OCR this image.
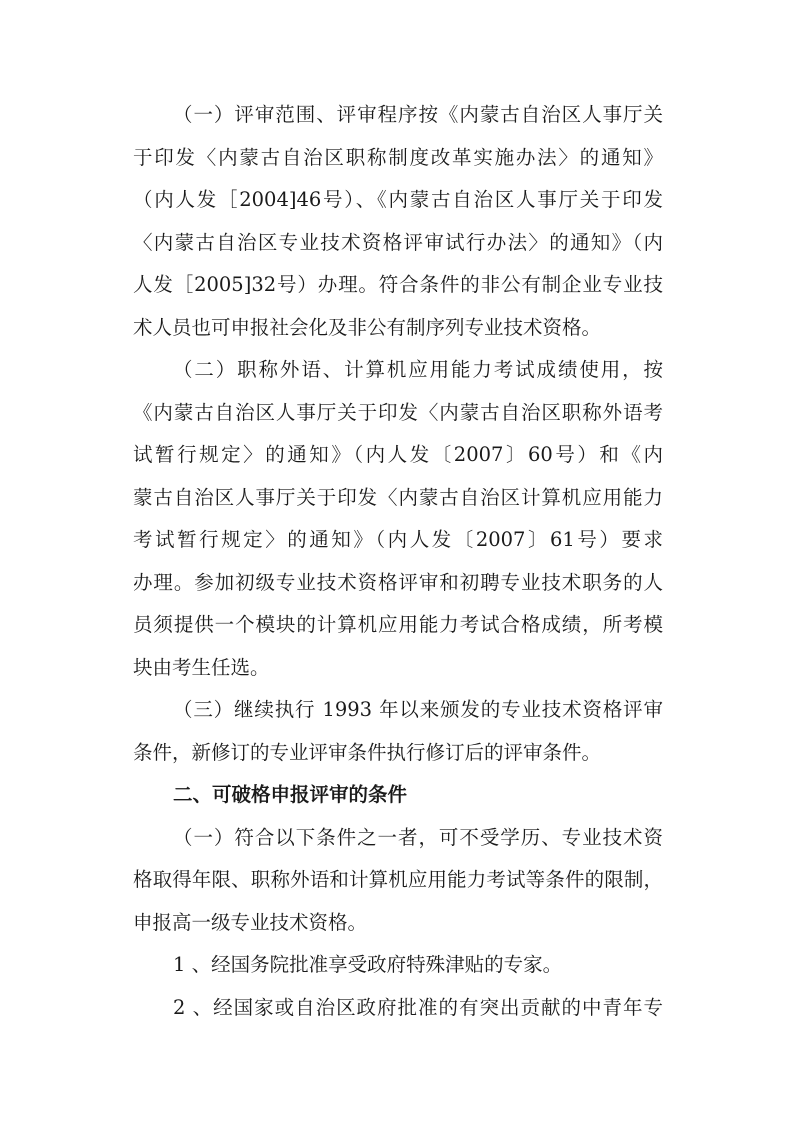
（一）评审范围、评审程序按《内蒙古自治区人事厅关
于印发〈内蒙古自治区职称制度改革实施办法〉的通知》
（内人发［2004]46号）、《内蒙古自治区人事厅关于印发
〈内蒙古自治区专业技术资格评审试行办法〉的通知》（内
人发［2005]32号）办理。符合条件的非公有制企业专业技
术人员也可申报社会化及非公有制序列专业技术资格。
（二）职称外语、计算机应用能力考试成绩使用，按
《内蒙古自治区人事厅关于印发〈内蒙古自治区职称外语考
试暂行规定〉的通知》（内人发〔2007〕60号）和《内
蒙古自治区人事厅关于印发〈内蒙古自治区计算机应用能力
考试暂行规定〉的通知》（内人发〔2007〕61号）要求
办理。参加初级专业技术资格评审和初聘专业技术职务的人
员须提供一个模块的计算机应用能力考试合格成绩，所考模
块由考生任选。
（三）继续执行 1993 年以来颁发的专业技术资格评审
条件，新修订的专业评审条件执行修订后的评审条件。
二、可破格申报评审的条件
（一）符合以下条件之一者，可不受学历、专业技术资
格取得年限、职称外语和计算机应用能力考试等条件的限制，
申报高一级专业技术资格。
1 、经国务院批准享受政府特殊津贴的专家。
2 、经国家或自治区政府批准的有突出贡献的中青年专
